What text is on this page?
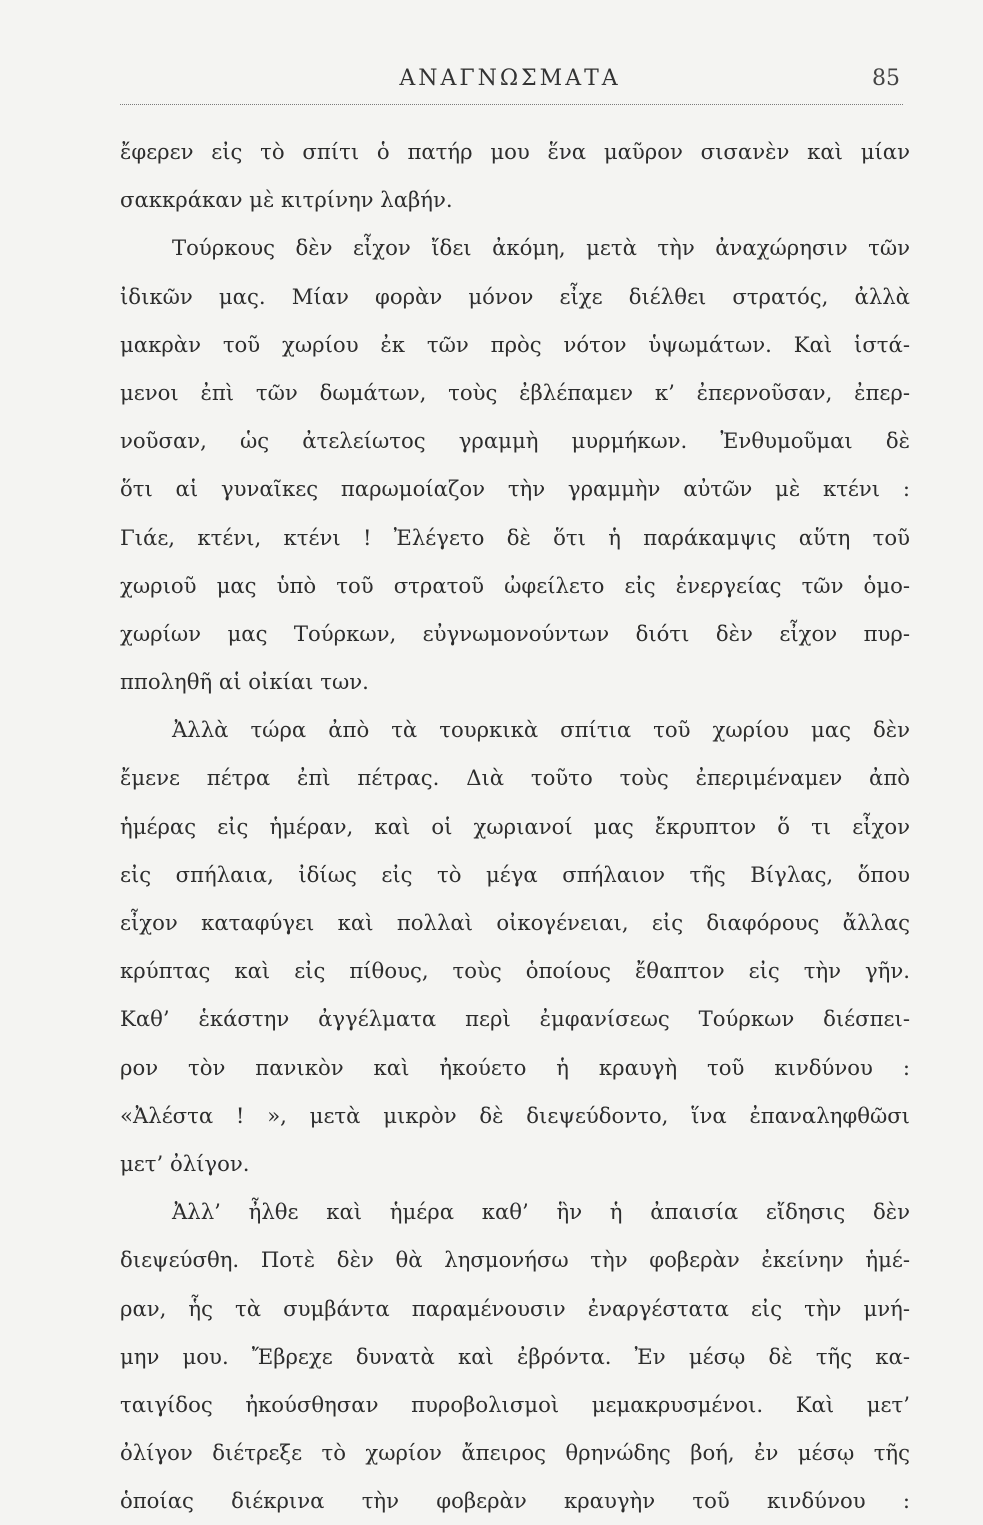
ΑΝΑΓΝΩΣΜΑΤΑ	85
ἔφερεν εἰς τὸ σπίτι ὁ πατήρ μου ἕνα μαῦρον σισανὲν καὶ μίαν
σακκράκαν μὲ κιτρίνην λαβήν.
Τούρκους δὲν εἶχον ἴδει ἀκόμη, μετὰ τὴν ἀναχώρησιν τῶν
ἰδικῶν μας. Μίαν φορὰν μόνον εἶχε διέλθει στρατός, ἀλλὰ
μακρὰν τοῦ χωρίου ἐκ τῶν πρὸς νότον ὑψωμάτων. Καὶ ἱστά-
μενοι ἐπὶ τῶν δωμάτων, τοὺς ἐβλέπαμεν κ’ ἐπερνοῦσαν, ἐπερ-
νοῦσαν, ὡς ἀτελείωτος γραμμὴ μυρμήκων. Ἐνθυμοῦμαι δὲ
ὅτι αἱ γυναῖκες παρωμοίαζον τὴν γραμμὴν αὐτῶν μὲ κτένι :
Γιάε, κτένι, κτένι ! Ἐλέγετο δὲ ὅτι ἡ παράκαμψις αὕτη τοῦ
χωριοῦ μας ὑπὸ τοῦ στρατοῦ ὠφείλετο εἰς ἐνεργείας τῶν ὁμο-
χωρίων μας Τούρκων, εὐγνωμονούντων διότι δὲν εἶχον πυρ-
πποληθῆ αἱ οἰκίαι των.
Ἀλλὰ τώρα ἀπὸ τὰ τουρκικὰ σπίτια τοῦ χωρίου μας δὲν
ἔμενε πέτρα ἐπὶ πέτρας. Διὰ τοῦτο τοὺς ἐπεριμέναμεν ἀπὸ
ἡμέρας εἰς ἡμέραν, καὶ οἱ χωριανοί μας ἔκρυπτον ὅ τι εἶχον
εἰς σπήλαια, ἰδίως εἰς τὸ μέγα σπήλαιον τῆς Βίγλας, ὅπου
εἶχον καταφύγει καὶ πολλαὶ οἰκογένειαι, εἰς διαφόρους ἄλλας
κρύπτας καὶ εἰς πίθους, τοὺς ὁποίους ἔθαπτον εἰς τὴν γῆν.
Καθ’ ἑκάστην ἀγγέλματα περὶ ἐμφανίσεως Τούρκων διέσπει-
ρον τὸν πανικὸν καὶ ἠκούετο ἡ κραυγὴ τοῦ κινδύνου :
«Ἀλέστα ! », μετὰ μικρὸν δὲ διεψεύδοντο, ἵνα ἐπαναληφθῶσι
μετ’ ὀλίγον.
Ἀλλ’ ἦλθε καὶ ἡμέρα καθ’ ἣν ἡ ἀπαισία εἴδησις δὲν
διεψεύσθη. Ποτὲ δὲν θὰ λησμονήσω τὴν φοβερὰν ἐκείνην ἡμέ-
ραν, ἧς τὰ συμβάντα παραμένουσιν ἐναργέστατα εἰς τὴν μνή-
μην μου. Ἔβρεχε δυνατὰ καὶ ἐβρόντα. Ἐν μέσῳ δὲ τῆς κα-
ταιγίδος ἠκούσθησαν πυροβολισμοὶ μεμακρυσμένοι. Καὶ μετ’
ὀλίγον διέτρεξε τὸ χωρίον ἄπειρος θρηνώδης βοή, ἐν μέσῳ τῆς
ὁποίας διέκρινα τὴν φοβερὰν κραυγὴν τοῦ κινδύνου :
